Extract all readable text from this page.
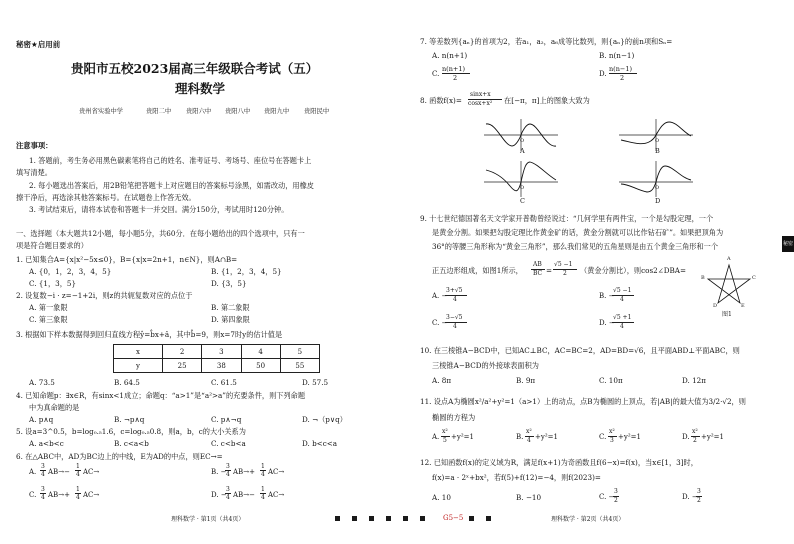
秘密★启用前
贵阳市五校2023届高三年级联合考试（五）
理科数学
贵州省实验中学	贵阳二中 贵阳六中 贵阳八中 贵阳九中 贵阳民中
注意事项：
1. 答题前，考生务必用黑色碳素笔将自己的姓名、准考证号、考场号、座位号在答题卡上
填写清楚。
2. 每小题选出答案后，用2B铅笔把答题卡上对应题目的答案标号涂黑，如需改动，用橡皮
擦干净后，再选涂其他答案标号。在试题卷上作答无效。
3. 考试结束后，请将本试卷和答题卡一并交回。满分150分，考试用时120分钟。
一、选择题（本大题共12小题，每小题5分，共60分．在每小题给出的四个选项中，只有一
项是符合题目要求的）
1. 已知集合A={x|x²−5x≤0}，B={x|x=2n+1，n∈N}，则A∩B=
A. {0，1，2，3，4，5}	B. {1，2，3，4，5}
C. {1，3，5}	D. {3，5}
2. 设复数−i · z=−1+2i，则z的共轭复数对应的点位于
A. 第一象限	B. 第二象限
C. 第三象限	D. 第四象限
3. 根据如下样本数据得到回归直线方程ŷ=b̂x+â，其中b̂=9，则x=7时y的估计值是
x	2	3	4	5
y	25	38	50	55
A. 73.5	B. 64.5	C. 61.5	D. 57.5
4. 已知命题p：∃x∈R，有sinx<1成立；命题q：“a>1”是“a²>a”的充要条件，则下列命题
中为真命题的是
A. p∧q	B. ¬p∧q	C. p∧¬q	D. ¬（p∨q）
5. 设a=3^0.5，b=log₀.₅1.6，c=log₀.₅0.8，则a，b，c的大小关系为
A. a<b<c	B. c<a<b	C. c<b<a	D. b<c<a
6. 在△ABC中，AD为BC边上的中线，E为AD的中点，则EC→=
A.
3
4 AB→−
1
4 AC→	B. −
3
4 AB→+
1
4 AC→
C.
3
4 AB→+
1
4 AC→	D. −
3
4 AB→−
1
4 AC→
7. 等差数列{aₙ}的首项为2，若a₁，a₂，a₆成等比数列，则{aₙ}的前n项和Sₙ=
A. n(n+1)	B. n(n−1)
C.
n(n+1)
2	D.
n(n−1)
2
8. 函数f(x)=
sinx+x
cosx+x² 在[−π，π]上的图象大致为
O
A
O
B
O
C
O
D
9. 十七世纪德国著名天文学家开普勒曾经说过：“几何学里有两件宝，一个是勾股定理，一个
是黄金分割。如果把勾股定理比作黄金矿的话，黄金分割就可以比作钻石矿”。如果把顶角为
36°的等腰三角形称为“黄金三角形”，那么我们常见的五角星则是由五个黄金三角形和一个
正五边形组成，如图1所示，
AB
BC =
√5 −1
2 （黄金分割比），则cos2∠DBA=
A. −
3+√5
4	B. −
√5 −1
4
C. −
3−√5
4	D. −
√5 +1
4
A
B	C
D	E
图1
10. 在三棱锥A−BCD中，已知AC⊥BC，AC=BC=2，AD=BD=√6，且平面ABD⊥平面ABC，则
三棱锥A−BCD的外接球表面积为
A. 8π	B. 9π	C. 10π	D. 12π
11. 设点A为椭圆x²/a²+y²=1（a>1）上的动点，点B为椭圆的上顶点，若|AB|的最大值为3/2·√2，则
椭圆的方程为
A.
x²
5 +y²=1	B.
x²
4 +y²=1	C.
x²
3 +y²=1	D.
x²
2 +y²=1
12. 已知函数f(x)的定义域为R，满足f(x+1)为奇函数且f(6−x)=f(x)，当x∈[1，3]时，
f(x)=a · 2ˣ+bx²，若f(5)+f(12)=−4，则f(2023)=
A. 10	B. −10	C. −
3
2	D. −
3
2
理科数学 · 第1页（共4页）	理科数学 · 第2页（共4页）
G5−5
秘密
